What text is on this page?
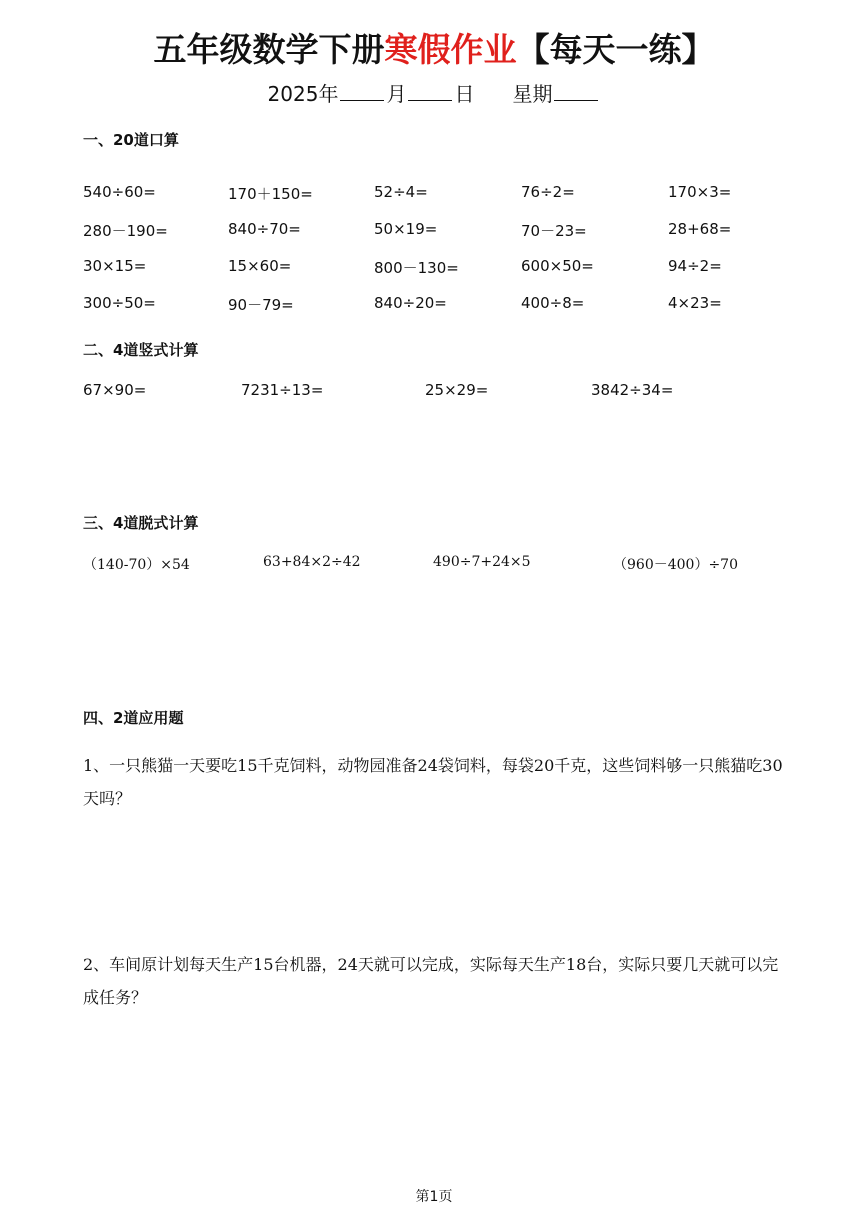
五年级数学下册寒假作业【每天一练】
2025年 月 日 星期
一、20道口算
540÷60=	170＋150=	52÷4=	76÷2=	170×3=
280－190=	840÷70=	50×19=	70－23=	28+68=
30×15=	15×60=	800－130=	600×50=	94÷2=
300÷50=	90－79=	840÷20=	400÷8=	4×23=
二、4道竖式计算
67×90=	7231÷13=	25×29=	3842÷34=
三、4道脱式计算
（140-70）×54	63+84×2÷42	490÷7+24×5	（960－400）÷70
四、2道应用题
1、一只熊猫一天要吃15千克饲料，动物园准备24袋饲料，每袋20千克，这些饲料够一只熊猫吃30天吗？
2、车间原计划每天生产15台机器，24天就可以完成，实际每天生产18台，实际只要几天就可以完成任务？
第1页
